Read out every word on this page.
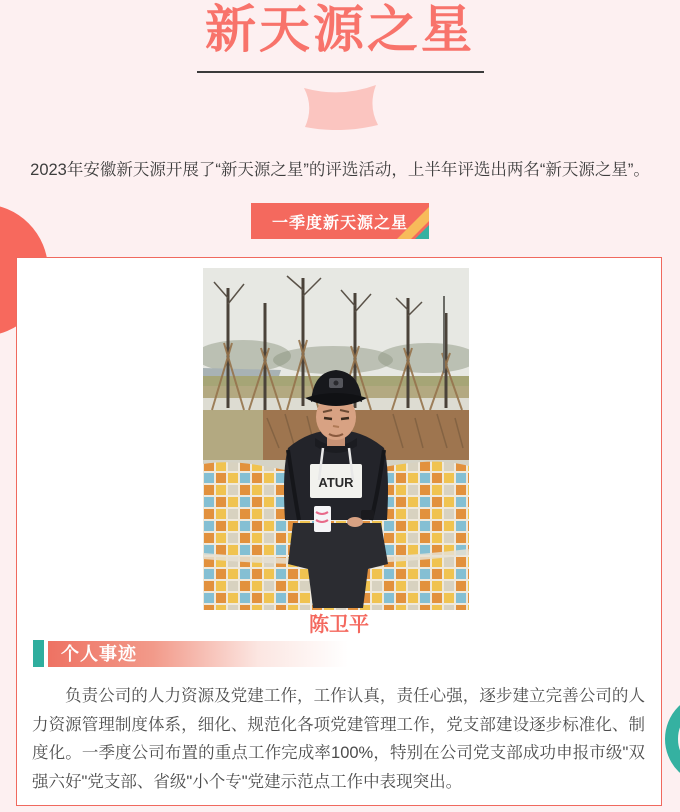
新天源之星
2023年安徽新天源开展了“新天源之星”的评选活动，上半年评选出两名“新天源之星”。
一季度新天源之星
ATUR
陈卫平
个人事迹
负责公司的人力资源及党建工作，工作认真，责任心强，逐步建立完善公司的人力资源管理制度体系，细化、规范化各项党建管理工作，党支部建设逐步标准化、制度化。一季度公司布置的重点工作完成率100%，特别在公司党支部成功申报市级"双强六好"党支部、省级"小个专"党建示范点工作中表现突出。
